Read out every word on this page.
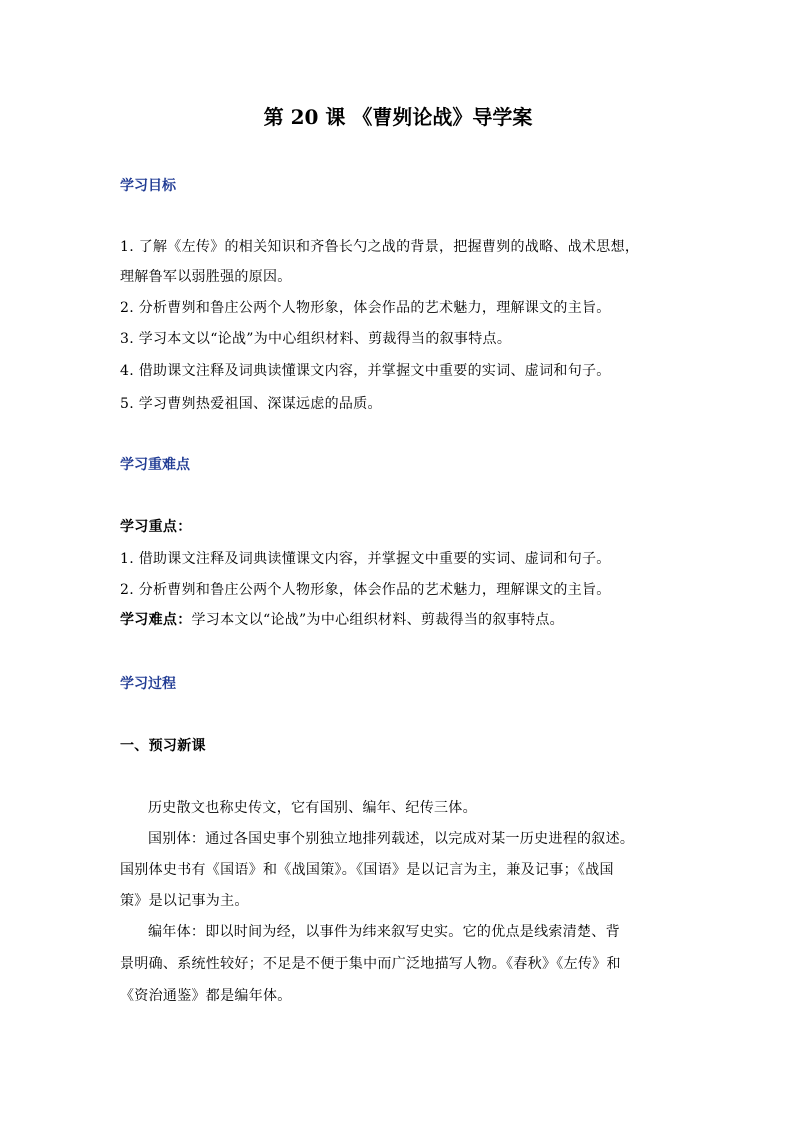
第 20 课 《曹刿论战》导学案
学习目标
1. 了解《左传》的相关知识和齐鲁长勺之战的背景，把握曹刿的战略、战术思想，
理解鲁军以弱胜强的原因。
2. 分析曹刿和鲁庄公两个人物形象，体会作品的艺术魅力，理解课文的主旨。
3. 学习本文以“论战”为中心组织材料、剪裁得当的叙事特点。
4. 借助课文注释及词典读懂课文内容，并掌握文中重要的实词、虚词和句子。
5. 学习曹刿热爱祖国、深谋远虑的品质。
学习重难点
学习重点：
1. 借助课文注释及词典读懂课文内容，并掌握文中重要的实词、虚词和句子。
2. 分析曹刿和鲁庄公两个人物形象，体会作品的艺术魅力，理解课文的主旨。
学习难点：学习本文以“论战”为中心组织材料、剪裁得当的叙事特点。
学习过程
一、预习新课
历史散文也称史传文，它有国别、编年、纪传三体。
国别体：通过各国史事个别独立地排列载述，以完成对某一历史进程的叙述。
国别体史书有《国语》和《战国策》。《国语》是以记言为主，兼及记事；《战国
策》是以记事为主。
编年体：即以时间为经，以事件为纬来叙写史实。它的优点是线索清楚、背
景明确、系统性较好；不足是不便于集中而广泛地描写人物。《春秋》《左传》和
《资治通鉴》都是编年体。
